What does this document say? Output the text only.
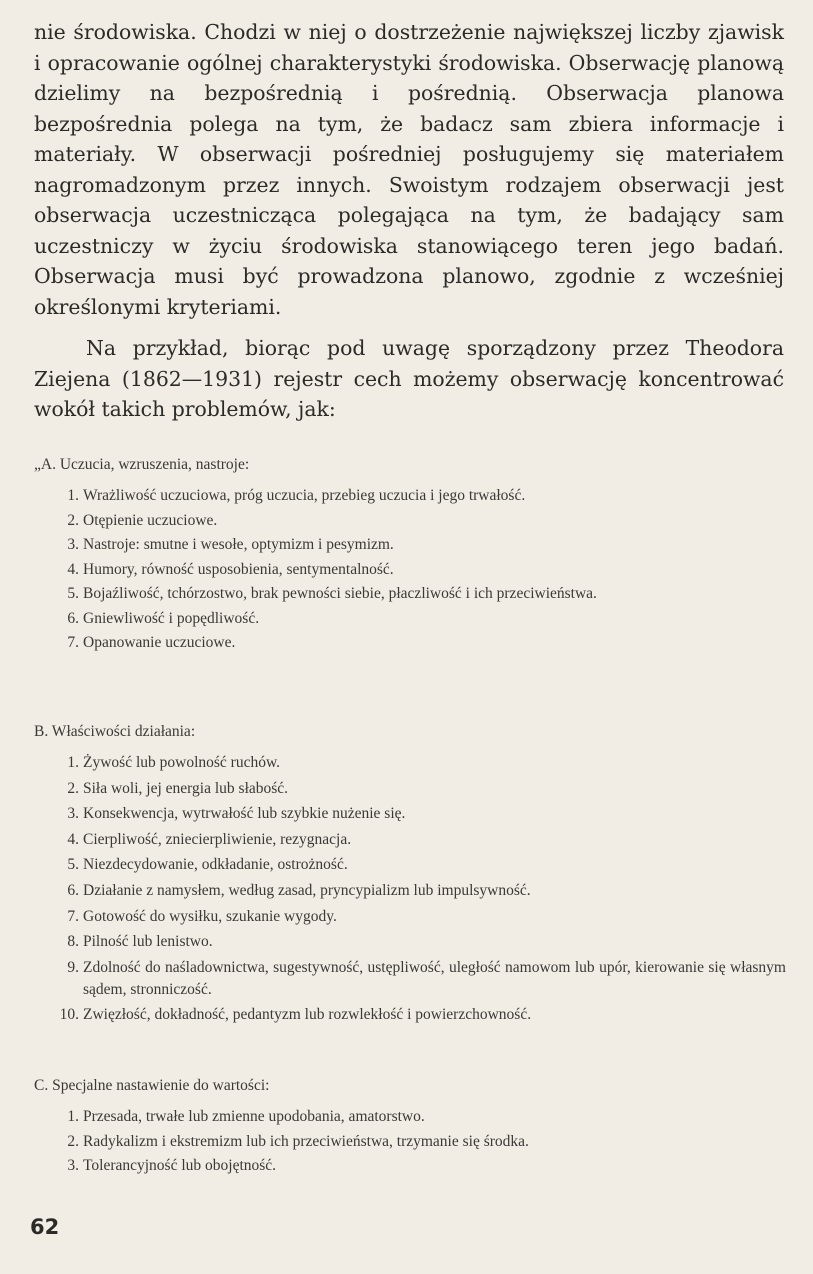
nie środowiska. Chodzi w niej o dostrzeżenie największej liczby zjawisk i opracowanie ogólnej charakterystyki środowiska. Obserwację planową dzielimy na bezpośrednią i pośrednią. Obserwacja planowa bezpośrednia polega na tym, że badacz sam zbiera informacje i materiały. W obserwacji pośredniej posługujemy się materiałem nagromadzonym przez innych. Swoistym rodzajem obserwacji jest obserwacja uczestnicząca polegająca na tym, że badający sam uczestniczy w życiu środowiska stanowiącego teren jego badań. Obserwacja musi być prowadzona planowo, zgodnie z wcześniej określonymi kryteriami.

Na przykład, biorąc pod uwagę sporządzony przez Theodora Ziejena (1862—1931) rejestr cech możemy obserwację koncentrować wokół takich problemów, jak:

„A. Uczucia, wzruszenia, nastroje:
1. Wrażliwość uczuciowa, próg uczucia, przebieg uczucia i jego trwałość.
2. Otępienie uczuciowe.
3. Nastroje: smutne i wesołe, optymizm i pesymizm.
4. Humory, równość usposobienia, sentymentalność.
5. Bojaźliwość, tchórzostwo, brak pewności siebie, płaczliwość i ich przeciwieństwa.
6. Gniewliwość i popędliwość.
7. Opanowanie uczuciowe.
B. Właściwości działania:
1. Żywość lub powolność ruchów.
2. Siła woli, jej energia lub słabość.
3. Konsekwencja, wytrwałość lub szybkie nużenie się.
4. Cierpliwość, zniecierpliwienie, rezygnacja.
5. Niezdecydowanie, odkładanie, ostrożność.
6. Działanie z namysłem, według zasad, pryncypializm lub impulsywność.
7. Gotowość do wysiłku, szukanie wygody.
8. Pilność lub lenistwo.
9. Zdolność do naśladownictwa, sugestywność, ustępliwość, uległość namowom lub upór, kierowanie się własnym sądem, stronniczość.
10. Zwięzłość, dokładność, pedantyzm lub rozwlekłość i powierzchowność.
C. Specjalne nastawienie do wartości:
1. Przesada, trwałe lub zmienne upodobania, amatorstwo.
2. Radykalizm i ekstremizm lub ich przeciwieństwa, trzymanie się środka.
3. Tolerancyjność lub obojętność.
62
